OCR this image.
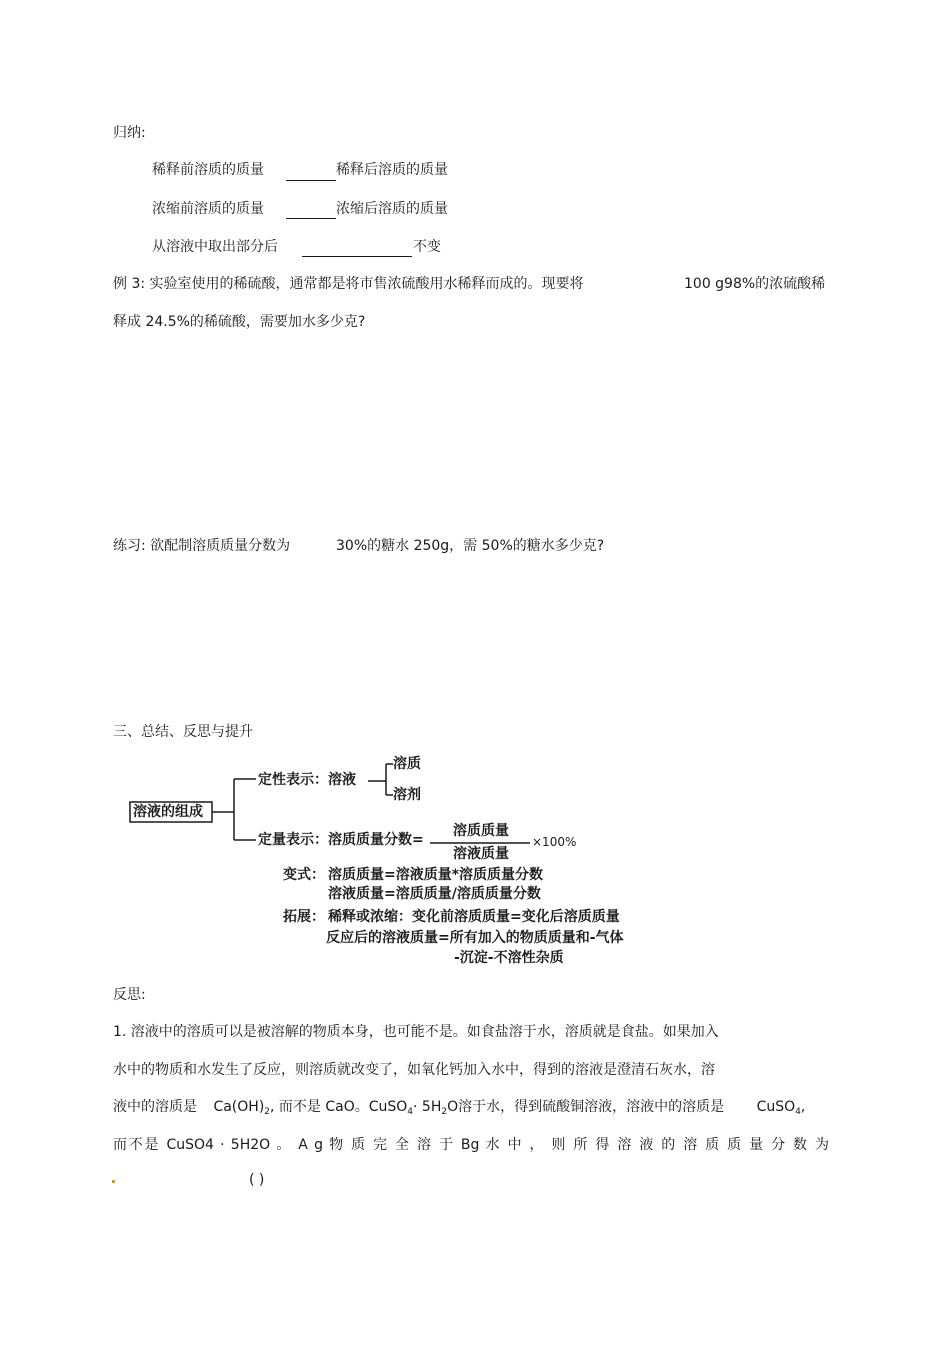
归纳:
稀释前溶质的质量	稀释后溶质的质量
浓缩前溶质的质量	浓缩后溶质的质量
从溶液中取出部分后	不变
例 3: 实验室使用的稀硫酸，通常都是将市售浓硫酸用水稀释而成的。现要将	100 g98%的浓硫酸稀
释成 24.5%的稀硫酸，需要加水多少克?
练习: 欲配制溶质质量分数为	30%的糖水 250g，需 50%的糖水多少克?
三、总结、反思与提升
溶液的组成
定性表示：溶液
溶质
溶剂
定量表示：溶质质量分数=
溶质质量
溶液质量
×100%
变式： 溶质质量=溶液质量*溶质质量分数
溶液质量=溶质质量/溶质质量分数
拓展： 稀释或浓缩：变化前溶质质量=变化后溶质质量
反应后的溶液质量=所有加入的物质质量和-气体
-沉淀-不溶性杂质
反思:
1. 溶液中的溶质可以是被溶解的物质本身，也可能不是。如食盐溶于水，溶质就是食盐。如果加入
水中的物质和水发生了反应，则溶质就改变了，如氧化钙加入水中，得到的溶液是澄清石灰水，溶
液中的溶质是 $Ca(OH)_2$, 而不是 CaO。CuSO$_4$· $5H_2O$溶于水，得到硫酸铜溶液，溶液中的溶质是 CuSO$_4$,
而不是 CuSO4 · 5H2O 。 A g 物 质 完 全 溶 于 Bg 水 中 ， 则 所 得 溶 液 的 溶 质 质 量 分 数 为
( )
